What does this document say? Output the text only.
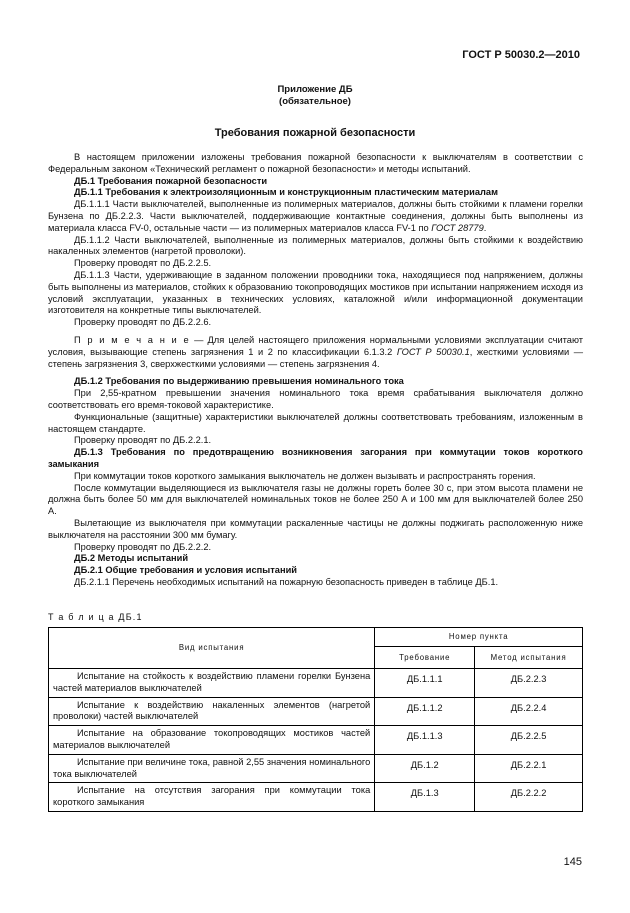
ГОСТ Р 50030.2—2010
Приложение ДБ
(обязательное)
Требования пожарной безопасности

В настоящем приложении изложены требования пожарной безопасности к выключателям в соответствии с Федеральным законом «Технический регламент о пожарной безопасности» и методы испытаний.

ДБ.1 Требования пожарной безопасности

ДБ.1.1 Требования к электроизоляционным и конструкционным пластическим материалам

ДБ.1.1.1 Части выключателей, выполненные из полимерных материалов, должны быть стойкими к пламени горелки Бунзена по ДБ.2.2.3. Части выключателей, поддерживающие контактные соединения, должны быть выполнены из материала класса FV-0, остальные части — из полимерных материалов класса FV-1 по ГОСТ 28779.

ДБ.1.1.2 Части выключателей, выполненные из полимерных материалов, должны быть стойкими к воздействию накаленных элементов (нагретой проволоки).

Проверку проводят по ДБ.2.2.5.

ДБ.1.1.3 Части, удерживающие в заданном положении проводники тока, находящиеся под напряжением, должны быть выполнены из материалов, стойких к образованию токопроводящих мостиков при испытании напряжением исходя из условий эксплуатации, указанных в технических условиях, каталожной и/или информационной документации изготовителя на конкретные типы выключателей.

Проверку проводят по ДБ.2.2.6.

П р и м е ч а н и е — Для целей настоящего приложения нормальными условиями эксплуатации считают условия, вызывающие степень загрязнения 1 и 2 по классификации 6.1.3.2 ГОСТ Р 50030.1, жесткими условиями — степень загрязнения 3, сверхжесткими условиями — степень загрязнения 4.

ДБ.1.2 Требования по выдерживанию превышения номинального тока

При 2,55-кратном превышении значения номинального тока время срабатывания выключателя должно соответствовать его время-токовой характеристике.

Функциональные (защитные) характеристики выключателей должны соответствовать требованиям, изложенным в настоящем стандарте.

Проверку проводят по ДБ.2.2.1.

ДБ.1.3 Требования по предотвращению возникновения загорания при коммутации токов короткого замыкания

При коммутации токов короткого замыкания выключатель не должен вызывать и распространять горения.

После коммутации выделяющиеся из выключателя газы не должны гореть более 30 с, при этом высота пламени не должна быть более 50 мм для выключателей номинальных токов не более 250 А и 100 мм для выключателей более 250 А.

Вылетающие из выключателя при коммутации раскаленные частицы не должны поджигать расположенную ниже выключателя на расстоянии 300 мм бумагу.

Проверку проводят по ДБ.2.2.2.

ДБ.2 Методы испытаний

ДБ.2.1 Общие требования и условия испытаний

ДБ.2.1.1 Перечень необходимых испытаний на пожарную безопасность приведен в таблице ДБ.1.

Т а б л и ц а ДБ.1
Вид испытания	Номер пункта	
	Требование	Метод испытания
Испытание на стойкость к воздействию пламени горелки Бунзена частей материалов выключателей	ДБ.1.1.1	ДБ.2.2.3
Испытание к воздействию накаленных элементов (нагретой проволоки) частей выключателей	ДБ.1.1.2	ДБ.2.2.4
Испытание на образование токопроводящих мостиков частей материалов выключателей	ДБ.1.1.3	ДБ.2.2.5
Испытание при величине тока, равной 2,55 значения номинального тока выключателей	ДБ.1.2	ДБ.2.2.1
Испытание на отсутствия загорания при коммутации тока короткого замыкания	ДБ.1.3	ДБ.2.2.2
145
